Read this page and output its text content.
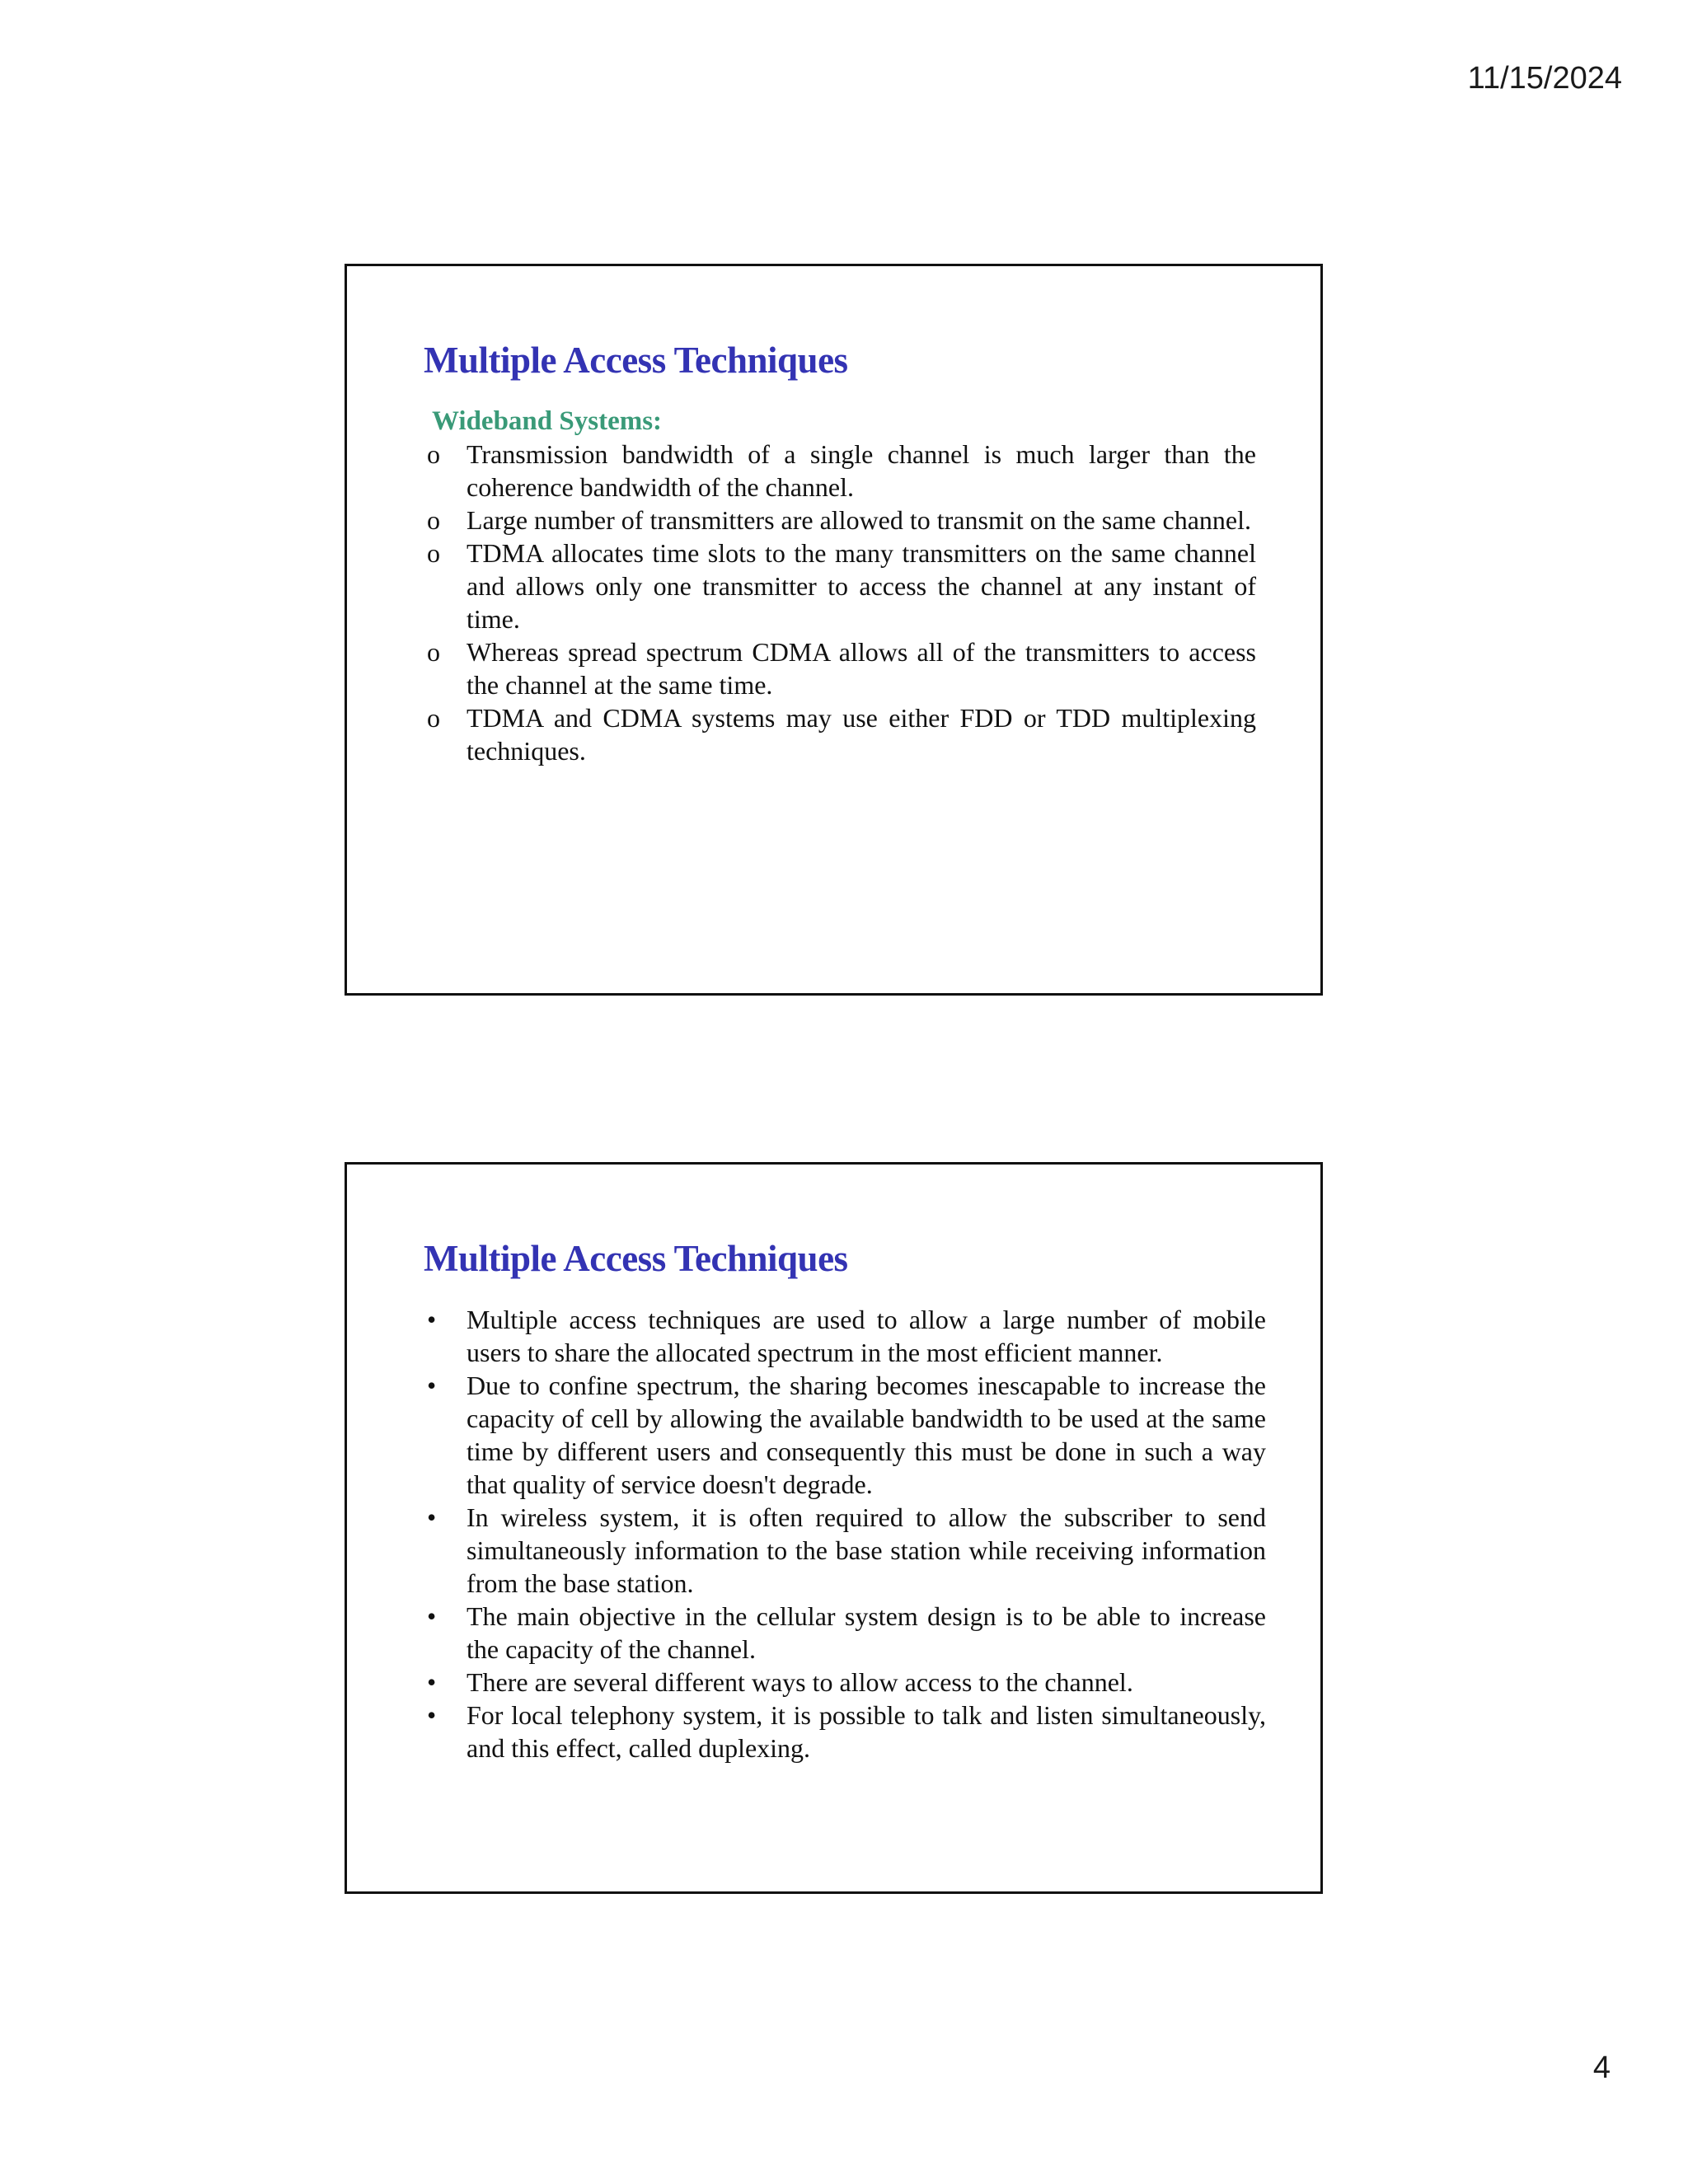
11/15/2024
Multiple Access Techniques
Wideband Systems:
o Transmission bandwidth of a single channel is much larger than the coherence bandwidth of the channel.
o Large number of transmitters are allowed to transmit on the same channel.
o TDMA allocates time slots to the many transmitters on the same channel and allows only one transmitter to access the channel at any instant of time.
o Whereas spread spectrum CDMA allows all of the transmitters to access the channel at the same time.
o TDMA and CDMA systems may use either FDD or TDD multiplexing techniques.
Multiple Access Techniques
• Multiple access techniques are used to allow a large number of mobile users to share the allocated spectrum in the most efficient manner.
• Due to confine spectrum, the sharing becomes inescapable to increase the capacity of cell by allowing the available bandwidth to be used at the same time by different users and consequently this must be done in such a way that quality of service doesn't degrade.
• In wireless system, it is often required to allow the subscriber to send simultaneously information to the base station while receiving information from the base station.
• The main objective in the cellular system design is to be able to increase the capacity of the channel.
• There are several different ways to allow access to the channel.
• For local telephony system, it is possible to talk and listen simultaneously, and this effect, called duplexing.
4
